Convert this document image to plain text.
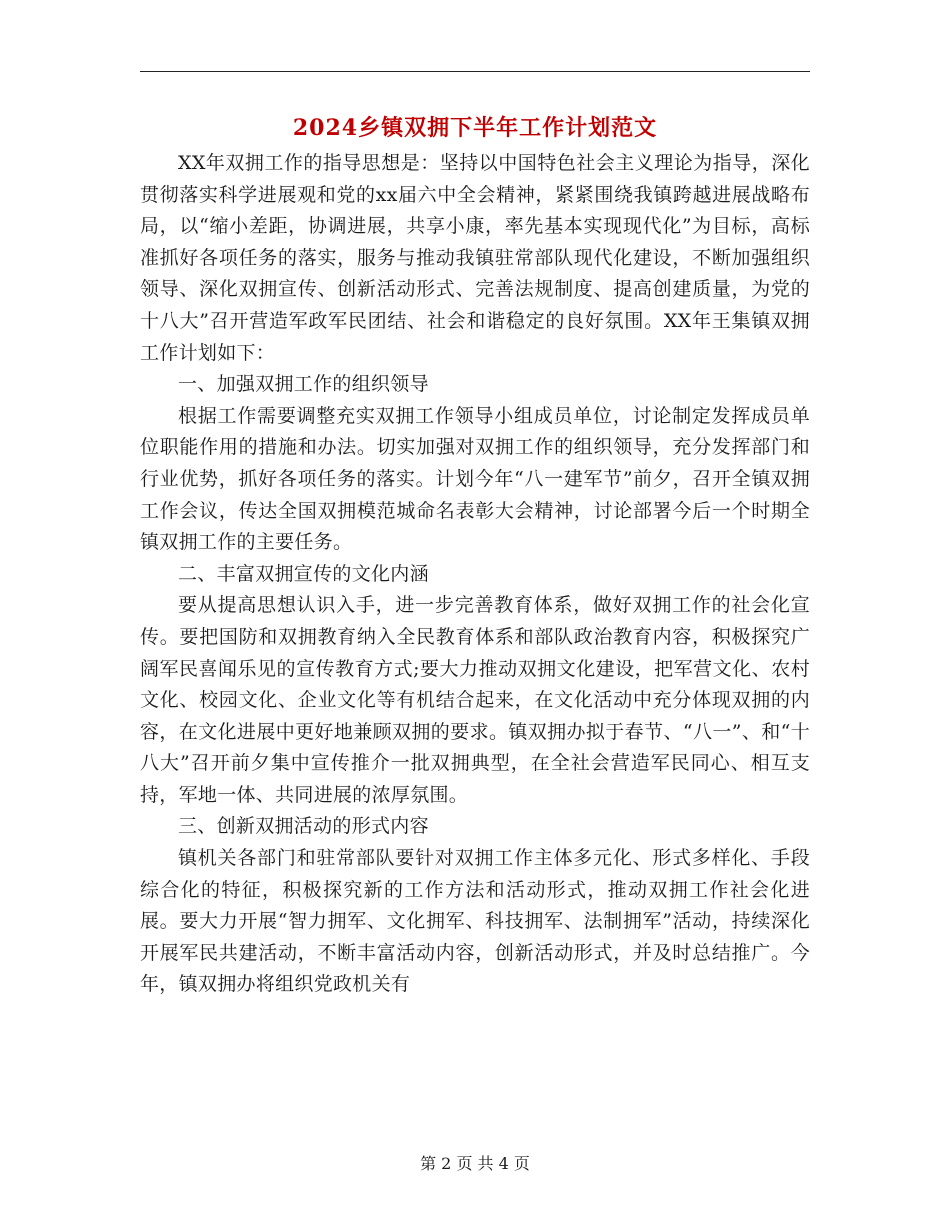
2024乡镇双拥下半年工作计划范文

XX年双拥工作的指导思想是：坚持以中国特色社会主义理论为指导，深化贯彻落实科学进展观和党的xx届六中全会精神，紧紧围绕我镇跨越进展战略布局，以“缩小差距，协调进展，共享小康，率先基本实现现代化”为目标，高标准抓好各项任务的落实，服务与推动我镇驻常部队现代化建设，不断加强组织领导、深化双拥宣传、创新活动形式、完善法规制度、提高创建质量，为党的十八大”召开营造军政军民团结、社会和谐稳定的良好氛围。XX年王集镇双拥工作计划如下：

一、加强双拥工作的组织领导

根据工作需要调整充实双拥工作领导小组成员单位，讨论制定发挥成员单位职能作用的措施和办法。切实加强对双拥工作的组织领导，充分发挥部门和行业优势，抓好各项任务的落实。计划今年“八一建军节”前夕，召开全镇双拥工作会议，传达全国双拥模范城命名表彰大会精神，讨论部署今后一个时期全镇双拥工作的主要任务。

二、丰富双拥宣传的文化内涵

要从提高思想认识入手，进一步完善教育体系，做好双拥工作的社会化宣传。要把国防和双拥教育纳入全民教育体系和部队政治教育内容，积极探究广阔军民喜闻乐见的宣传教育方式;要大力推动双拥文化建设，把军营文化、农村文化、校园文化、企业文化等有机结合起来，在文化活动中充分体现双拥的内容，在文化进展中更好地兼顾双拥的要求。镇双拥办拟于春节、“八一”、和“十八大”召开前夕集中宣传推介一批双拥典型，在全社会营造军民同心、相互支持，军地一体、共同进展的浓厚氛围。

三、创新双拥活动的形式内容

镇机关各部门和驻常部队要针对双拥工作主体多元化、形式多样化、手段综合化的特征，积极探究新的工作方法和活动形式，推动双拥工作社会化进展。要大力开展“智力拥军、文化拥军、科技拥军、法制拥军”活动，持续深化开展军民共建活动，不断丰富活动内容，创新活动形式，并及时总结推广。今年，镇双拥办将组织党政机关有

第 2 页 共 4 页
